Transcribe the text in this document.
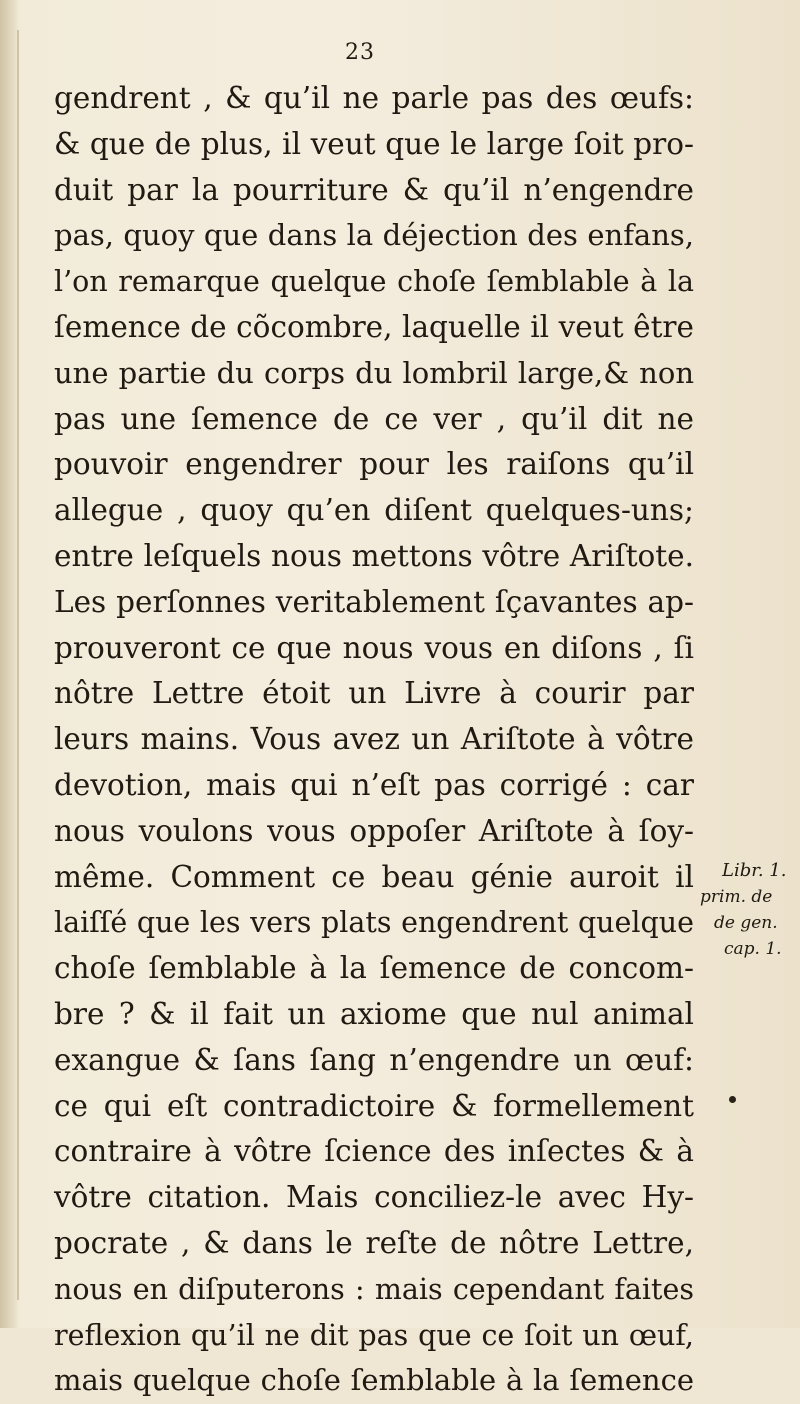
23
gendrent , & qu’il ne parle pas des œufs:
& que de plus, il veut que le large ſoit pro-
duit par la pourriture & qu’il n’engendre
pas, quoy que dans la déjection des enfans,
l’on remarque quelque choſe ſemblable à la
ſemence de cõcombre, laquelle il veut être
une partie du corps du lombril large,& non
pas une ſemence de ce ver , qu’il dit ne
pouvoir engendrer pour les raiſons qu’il
allegue , quoy qu’en diſent quelques-uns;
entre leſquels nous mettons vôtre Ariſtote.
Les perſonnes veritablement ſçavantes ap-
prouveront ce que nous vous en diſons , ſi
nôtre Lettre étoit un Livre à courir par
leurs mains. Vous avez un Ariſtote à vôtre
devotion, mais qui n’eſt pas corrigé : car
nous voulons vous oppoſer Ariſtote à ſoy-
même. Comment ce beau génie auroit il
laiſſé que les vers plats engendrent quelque
choſe ſemblable à la ſemence de concom-
bre ? & il fait un axiome que nul animal
exangue & ſans ſang n’engendre un œuf:
ce qui eſt contradictoire & formellement
contraire à vôtre ſcience des inſectes & à
vôtre citation. Mais conciliez-le avec Hy-
pocrate , & dans le reſte de nôtre Lettre,
nous en diſputerons : mais cependant faites
reflexion qu’il ne dit pas que ce ſoit un œuf,
mais quelque choſe ſemblable à la ſemence
Libr. 1.
prim. de
de gen.
cap. 1.
